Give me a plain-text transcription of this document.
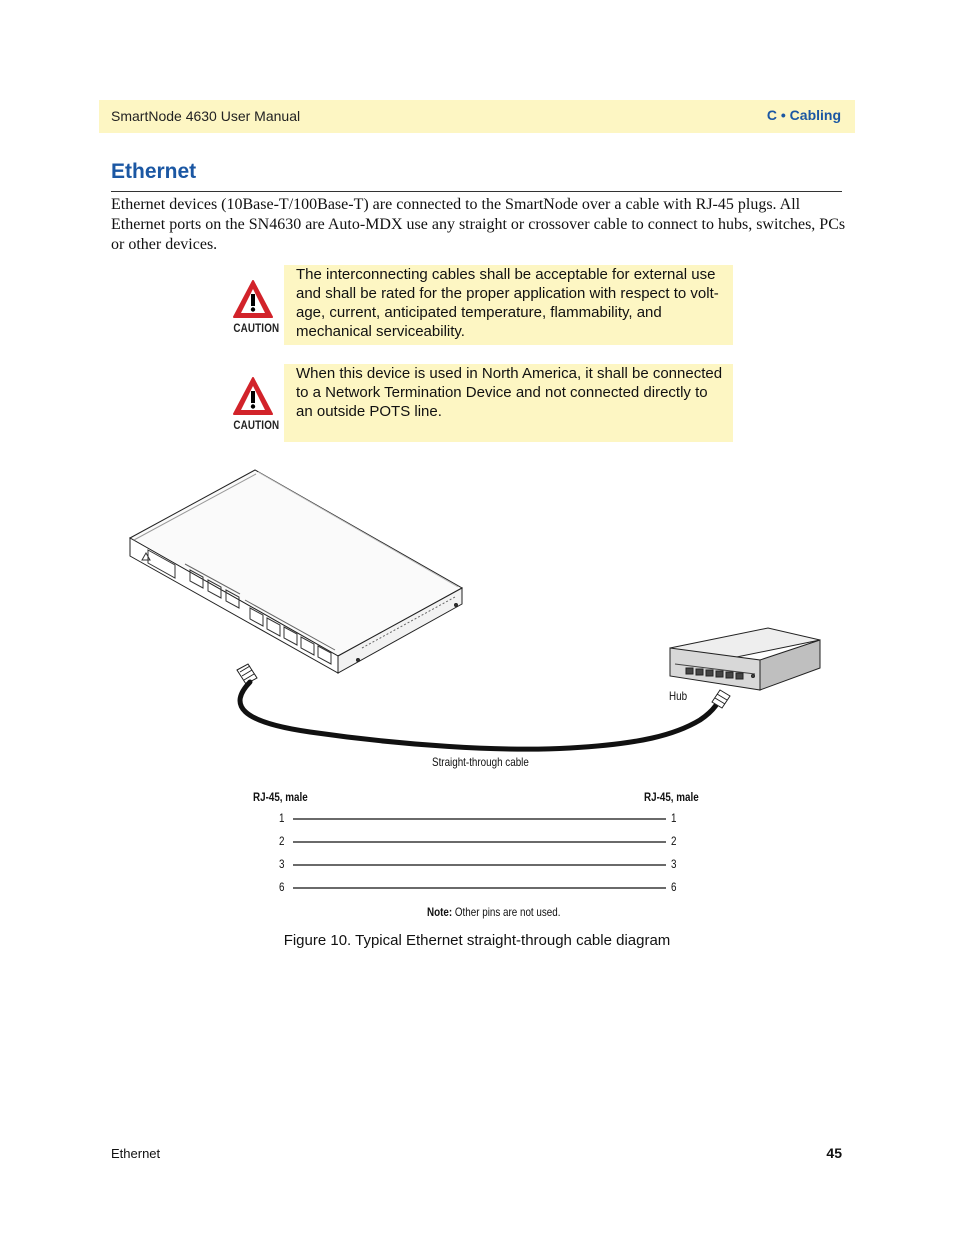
SmartNode 4630 User Manual	C • Cabling
Ethernet
Ethernet devices (10Base-T/100Base-T) are connected to the SmartNode over a cable with RJ-45 plugs. All Ethernet ports on the SN4630 are Auto-MDX use any straight or crossover cable to connect to hubs, switches, PCs or other devices.
CAUTION
The interconnecting cables shall be acceptable for external use and shall be rated for the proper application with respect to volt-age, current, anticipated temperature, flammability, and mechanical serviceability.
CAUTION
When this device is used in North America, it shall be connected to a Network Termination Device and not connected directly to an outside POTS line.
Hub
Straight-through cable
RJ-45, male	RJ-45, male
1
2
3
6
1
2
3
6
Note: Other pins are not used.
Figure 10. Typical Ethernet straight-through cable diagram
Ethernet	45
